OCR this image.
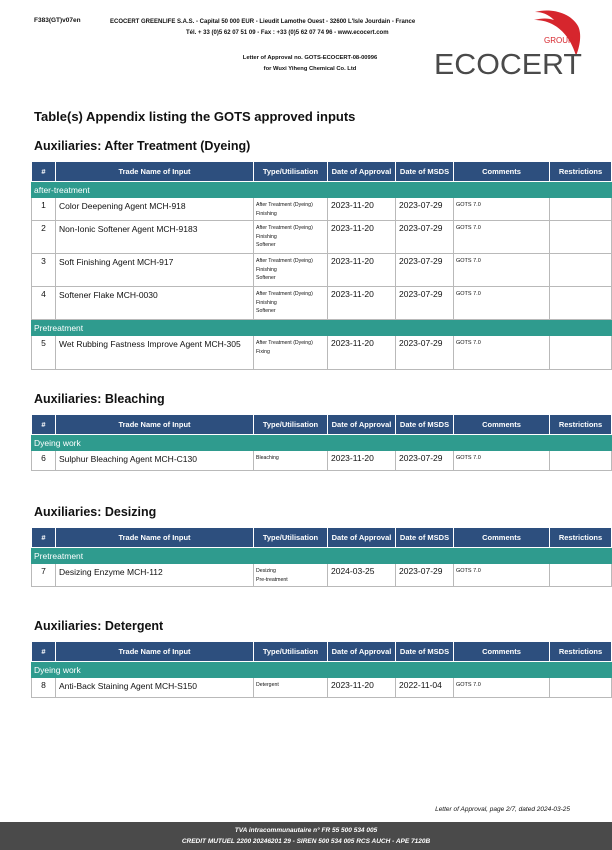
F383(GT)v07en	ECOCERT GREENLIFE S.A.S. - Capital 50 000 EUR - Lieudit Lamothe Ouest - 32600 L'Isle Jourdain - France
Tél. + 33 (0)5 62 07 51 09 - Fax : +33 (0)5 62 07 74 96 - www.ecocert.com
Letter of Approval no. GOTS-ECOCERT-08-00996
for Wuxi Yiheng Chemical Co. Ltd
GROUP
ECOCERT
Table(s) Appendix listing the GOTS approved inputs
Auxiliaries: After Treatment (Dyeing)
Auxiliaries: Bleaching
Auxiliaries: Desizing
Auxiliaries: Detergent
#	Trade Name of Input	Type/Utilisation	Date of Approval	Date of MSDS	Comments	Restrictions
after-treatment						
1	Color Deepening Agent MCH-918	After Treatment (Dyeing)
Finishing	2023-11-20	2023-07-29	GOTS 7.0	
2	Non-Ionic Softener Agent MCH-9183	After Treatment (Dyeing)
Finishing
Softener	2023-11-20	2023-07-29	GOTS 7.0	
3	Soft Finishing Agent MCH-917	After Treatment (Dyeing)
Finishing
Softener	2023-11-20	2023-07-29	GOTS 7.0	
4	Softener Flake MCH-0030	After Treatment (Dyeing)
Finishing
Softener	2023-11-20	2023-07-29	GOTS 7.0	
Pretreatment						
5	Wet Rubbing Fastness Improve Agent MCH-305	After Treatment (Dyeing)
Fixing	2023-11-20	2023-07-29	GOTS 7.0	
#	Trade Name of Input	Type/Utilisation	Date of Approval	Date of MSDS	Comments	Restrictions
Dyeing work						
6	Sulphur Bleaching Agent MCH-C130	Bleaching	2023-11-20	2023-07-29	GOTS 7.0	
#	Trade Name of Input	Type/Utilisation	Date of Approval	Date of MSDS	Comments	Restrictions
Pretreatment						
7	Desizing Enzyme MCH-112	Desizing
Pre-treatment	2024-03-25	2023-07-29	GOTS 7.0	
#	Trade Name of Input	Type/Utilisation	Date of Approval	Date of MSDS	Comments	Restrictions
Dyeing work						
8	Anti-Back Staining Agent MCH-S150	Detergent	2023-11-20	2022-11-04	GOTS 7.0	
Letter of Approval, page 2/7, dated 2024-03-25
TVA intracommunautaire n° FR 55 500 534 005
CREDIT MUTUEL 2200 20246201 29 - SIREN 500 534 005 RCS AUCH - APE 7120B
